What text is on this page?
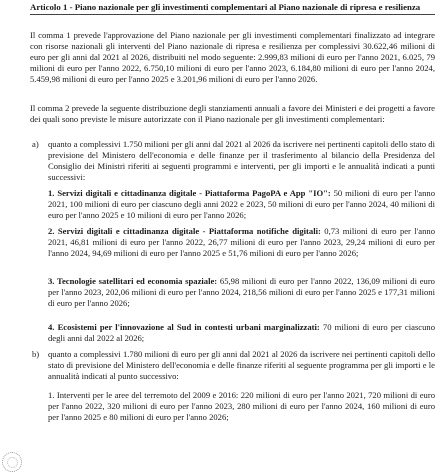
Articolo 1 - Piano nazionale per gli investimenti complementari al Piano nazionale di ripresa e resilienza
Il comma 1 prevede l'approvazione del Piano nazionale per gli investimenti complementari finalizzato ad integrare con risorse nazionali gli interventi del Piano nazionale di ripresa e resilienza per complessivi 30.622,46 milioni di euro per gli anni dal 2021 al 2026, distribuiti nel modo seguente: 2.999,83 milioni di euro per l'anno 2021, 6.025, 79 milioni di euro per l'anno 2022, 6.750,10 milioni di euro per l'anno 2023, 6.184,80 milioni di euro per l'anno 2024, 5.459,98 milioni di euro per l'anno 2025 e 3.201,96 milioni di euro per l'anno 2026.
Il comma 2 prevede la seguente distribuzione degli stanziamenti annuali a favore dei Ministeri e dei progetti a favore dei quali sono previste le misure autorizzate con il Piano nazionale per gli investimenti complementari:
a) quanto a complessivi 1.750 milioni per gli anni dal 2021 al 2026 da iscrivere nei pertinenti capitoli dello stato di previsione del Ministero dell'economia e delle finanze per il trasferimento al bilancio della Presidenza del Consiglio dei Ministri riferiti ai seguenti programmi e interventi, per gli importi e le annualità indicati a punti successivi:
1. Servizi digitali e cittadinanza digitale - Piattaforma PagoPA e App "IO": 50 milioni di euro per l'anno 2021, 100 milioni di euro per ciascuno degli anni 2022 e 2023, 50 milioni di euro per l'anno 2024, 40 milioni di euro per l'anno 2025 e 10 milioni di euro per l'anno 2026;
2. Servizi digitali e cittadinanza digitale - Piattaforma notifiche digitali: 0,73 milioni di euro per l'anno 2021, 46,81 milioni di euro per l'anno 2022, 26,77 milioni di euro per l'anno 2023, 29,24 milioni di euro per l'anno 2024, 94,69 milioni di euro per l'anno 2025 e 51,76 milioni di euro per l'anno 2026;
3. Tecnologie satellitari ed economia spaziale: 65,98 milioni di euro per l'anno 2022, 136,09 milioni di euro per l'anno 2023, 202,06 milioni di euro per l'anno 2024, 218,56 milioni di euro per l'anno 2025 e 177,31 milioni di euro per l'anno 2026;
4. Ecosistemi per l'innovazione al Sud in contesti urbani marginalizzati: 70 milioni di euro per ciascuno degli anni dal 2022 al 2026;
b) quanto a complessivi 1.780 milioni di euro per gli anni dal 2021 al 2026 da iscrivere nei pertinenti capitoli dello stato di previsione del Ministero dell'economia e delle finanze riferiti al seguente programma per gli importi e le annualità indicati al punto successivo:
1. Interventi per le aree del terremoto del 2009 e 2016: 220 milioni di euro per l'anno 2021, 720 milioni di euro per l'anno 2022, 320 milioni di euro per l'anno 2023, 280 milioni di euro per l'anno 2024, 160 milioni di euro per l'anno 2025 e 80 milioni di euro per l'anno 2026;
